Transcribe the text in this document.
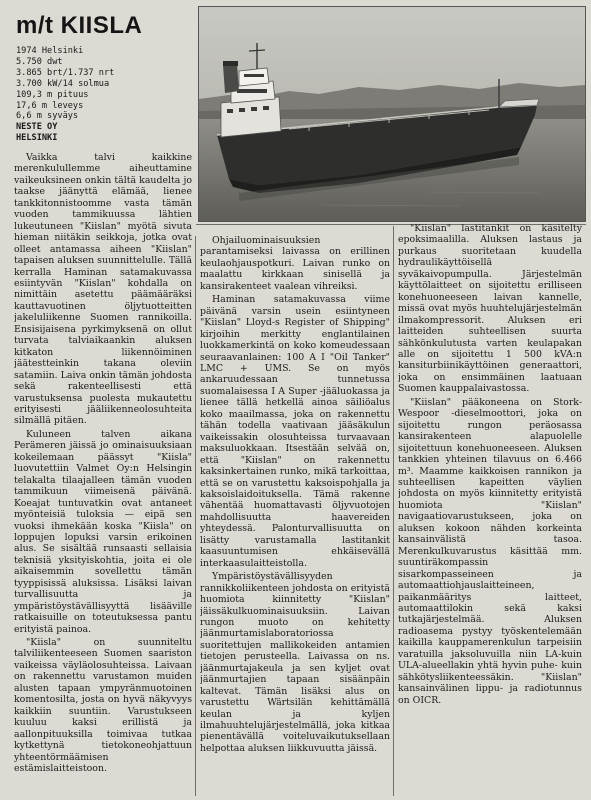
m/t KIISLA
1974 Helsinki
5.750 dwt
3.865 brt/1.737 nrt
3.700 kW/14 solmua
109,3 m pituus
17,6 m leveys
6,6 m syväys
NESTE OY
HELSINKI

Vaikka talvi kaikkine merenkulullemme aiheuttamine vaikeuksineen onkin tältä kaudelta jo taakse jäänyttä elämää, lienee tankkitonnistoomme vasta tämän vuoden tammikuussa lähtien lukeutuneen "Kiislan" myötä sivuta hieman niitäkin seikkoja, jotka ovat olleet antamassa aiheen "Kiislan" tapaisen aluksen suunnittelulle. Tällä kerralla Haminan satamakuvassa esiintyvän "Kiislan" kohdalla on nimittäin asetettu päämääräksi kauttavuotinen öljytuotteitten jakeluliikenne Suomen rannikoilla. Ensisijaisena pyrkimyksenä on ollut turvata talviaikaankin aluksen kitkaton liikennöiminen jäätestteinkin takana oleviin satamiin. Laiva onkin tämän johdosta sekä rakenteellisesti että varustuksensa puolesta mukautettu erityisesti jääliikenneolosuhteita silmällä pitäen.

Kuluneen talven aikana Perämeren jäissä jo ominaisuuksiaan kokeilemaan päässyt "Kiisla" luovutettiin Valmet Oy:n Helsingin telakalta tilaajalleen tämän vuoden tammikuun viimeisenä päivänä. Koeajat tuntuvatkin ovat antaneet myönteisiä tuloksia — eipä sen vuoksi ihmekään koska "Kiisla" on loppujen lopuksi varsin erikoinen alus. Se sisältää runsaasti sellaisia teknisiä yksityiskohtia, joita ei ole aikaisemmin sovellettu tämän tyyppisissä aluksissa. Lisäksi laivan turvallisuutta ja ympäristöystävällisyyttä lisääville ratkaisuille on toteutuksessa pantu erityistä painoa.

"Kiisla" on suunniteltu talviliikenteeseen Suomen saariston vaikeissa väyläolosuhteissa. Laivaan on rakennettu varustamon muiden alusten tapaan ympyränmuotoinen komentosilta, josta on hyvä näkyvyys kaikkiin suuntiin. Varustukseen kuuluu kaksi erillistä ja aallonpituuksilla toimivaa tutkaa kytkettynä tietokoneohjattuun yhteentörmäämisen estämislaitteistoon.

Ohjailuominaisuuksien parantamiseksi laivassa on erillinen keulaohjauspotkuri. Laivan runko on maalattu kirkkaan sinisellä ja kansirakenteet vaalean vihreiksi.

Haminan satamakuvassa viime päivänä varsin usein esiintyneen "Kiislan" Lloyd-s Register of Shipping" kirjoihin merkitty englantilainen luokkamerkintä on koko komeudessaan seuraavanlainen: 100 A I "Oil Tanker" LMC + UMS. Se on myös ankaruudessaan tunnetussa suomalaisessa I A Super -jääluokassa ja lienee tällä hetkellä ainoa säiliöalus koko maailmassa, joka on rakennettu tähän todella vaativaan jääsäkulun vaikeissakin olosuhteissa turvaavaan maksuluokkaan. Itsestään selvää on, että "Kiislan" on rakennettu kaksinkertainen runko, mikä tarkoittaa, että se on varustettu kaksoispohjalla ja kaksoislaidoituksella. Tämä rakenne vähentää huomattavasti öljyvuotojen mahdollisuutta haavereiden yhteydessä. Palonturvallisuutta on lisätty varustamalla lastitankit kaasuuntumisen ehkäisevällä interkaasulaitteistolla.

Ympäristöystävällisyyden rannikkoliikenteen johdosta on erityistä huomiota kiinnitetty "Kiislan" jäissäkulkuominaisuuksiin. Laivan rungon muoto on kehitetty jäänmurtamislaboratoriossa suoritettujen mallikokeiden antamien tietojen perusteella. Laivassa on ns. jäänmurtajakeula ja sen kyljet ovat jäänmurtajien tapaan sisäänpäin kaltevat. Tämän lisäksi alus on varustettu Wärtsilän kehittämällä keulan ja kyljen ilmahuuhtelujärjestelmällä, joka kitkaa pienentävällä voiteluvaikutuksellaan helpottaa aluksen liikkuvuutta jäissä.

"Kiislan" lastitankit on käsitelty epoksimaalilla. Aluksen lastaus ja purkaus suoritetaan kuudella hydraulikäyttöisellä syväkaivopumpulla. Järjestelmän käyttölaitteet on sijoitettu erilliseen konehuoneeseen laivan kannelle, missä ovat myös huuhtelujärjestelmän ilmakompressorit. Aluksen eri laitteiden suhteellisen suurta sähkönkulutusta varten keulapakan alle on sijoitettu 1 500 kVA:n kansiturbiinikäyttöinen generaattori, joka on ensimmäinen laatuaan Suomen kauppalaivastossa.

"Kiislan" pääkoneena on Stork-Wespoor -dieselmoottori, joka on sijoitettu rungon peräosassa kansirakenteen alapuolelle sijoitettuun konehuoneeseen. Aluksen tankkien yhteinen tilavuus on 6.466 m³. Maamme kaikkoisen rannikon ja suhteellisen kapeitten väylien johdosta on myös kiinnitetty erityistä huomiota "Kiislan" navigaatiovarustukseen, joka on aluksen kokoon nähden korkeinta kansainvälistä tasoa. Merenkulkuvarustus käsittää mm. suuntiräkompassin sisarkompasseineen ja automaattiohjauslaitteineen, paikanmääritys laitteet, automaattilokin sekä kaksi tutkajärjestelmää. Aluksen radioasema pystyy työskentelemään kaikilla kauppamerenkulun tarpeisiin varatuilla jaksoluvuilla niin LA-kuin ULA-alueellakin yhtä hyvin puhe- kuin sähkötysliikenteessäkin. "Kiislan" kansainvälinen lippu- ja radiotunnus on OICR.
